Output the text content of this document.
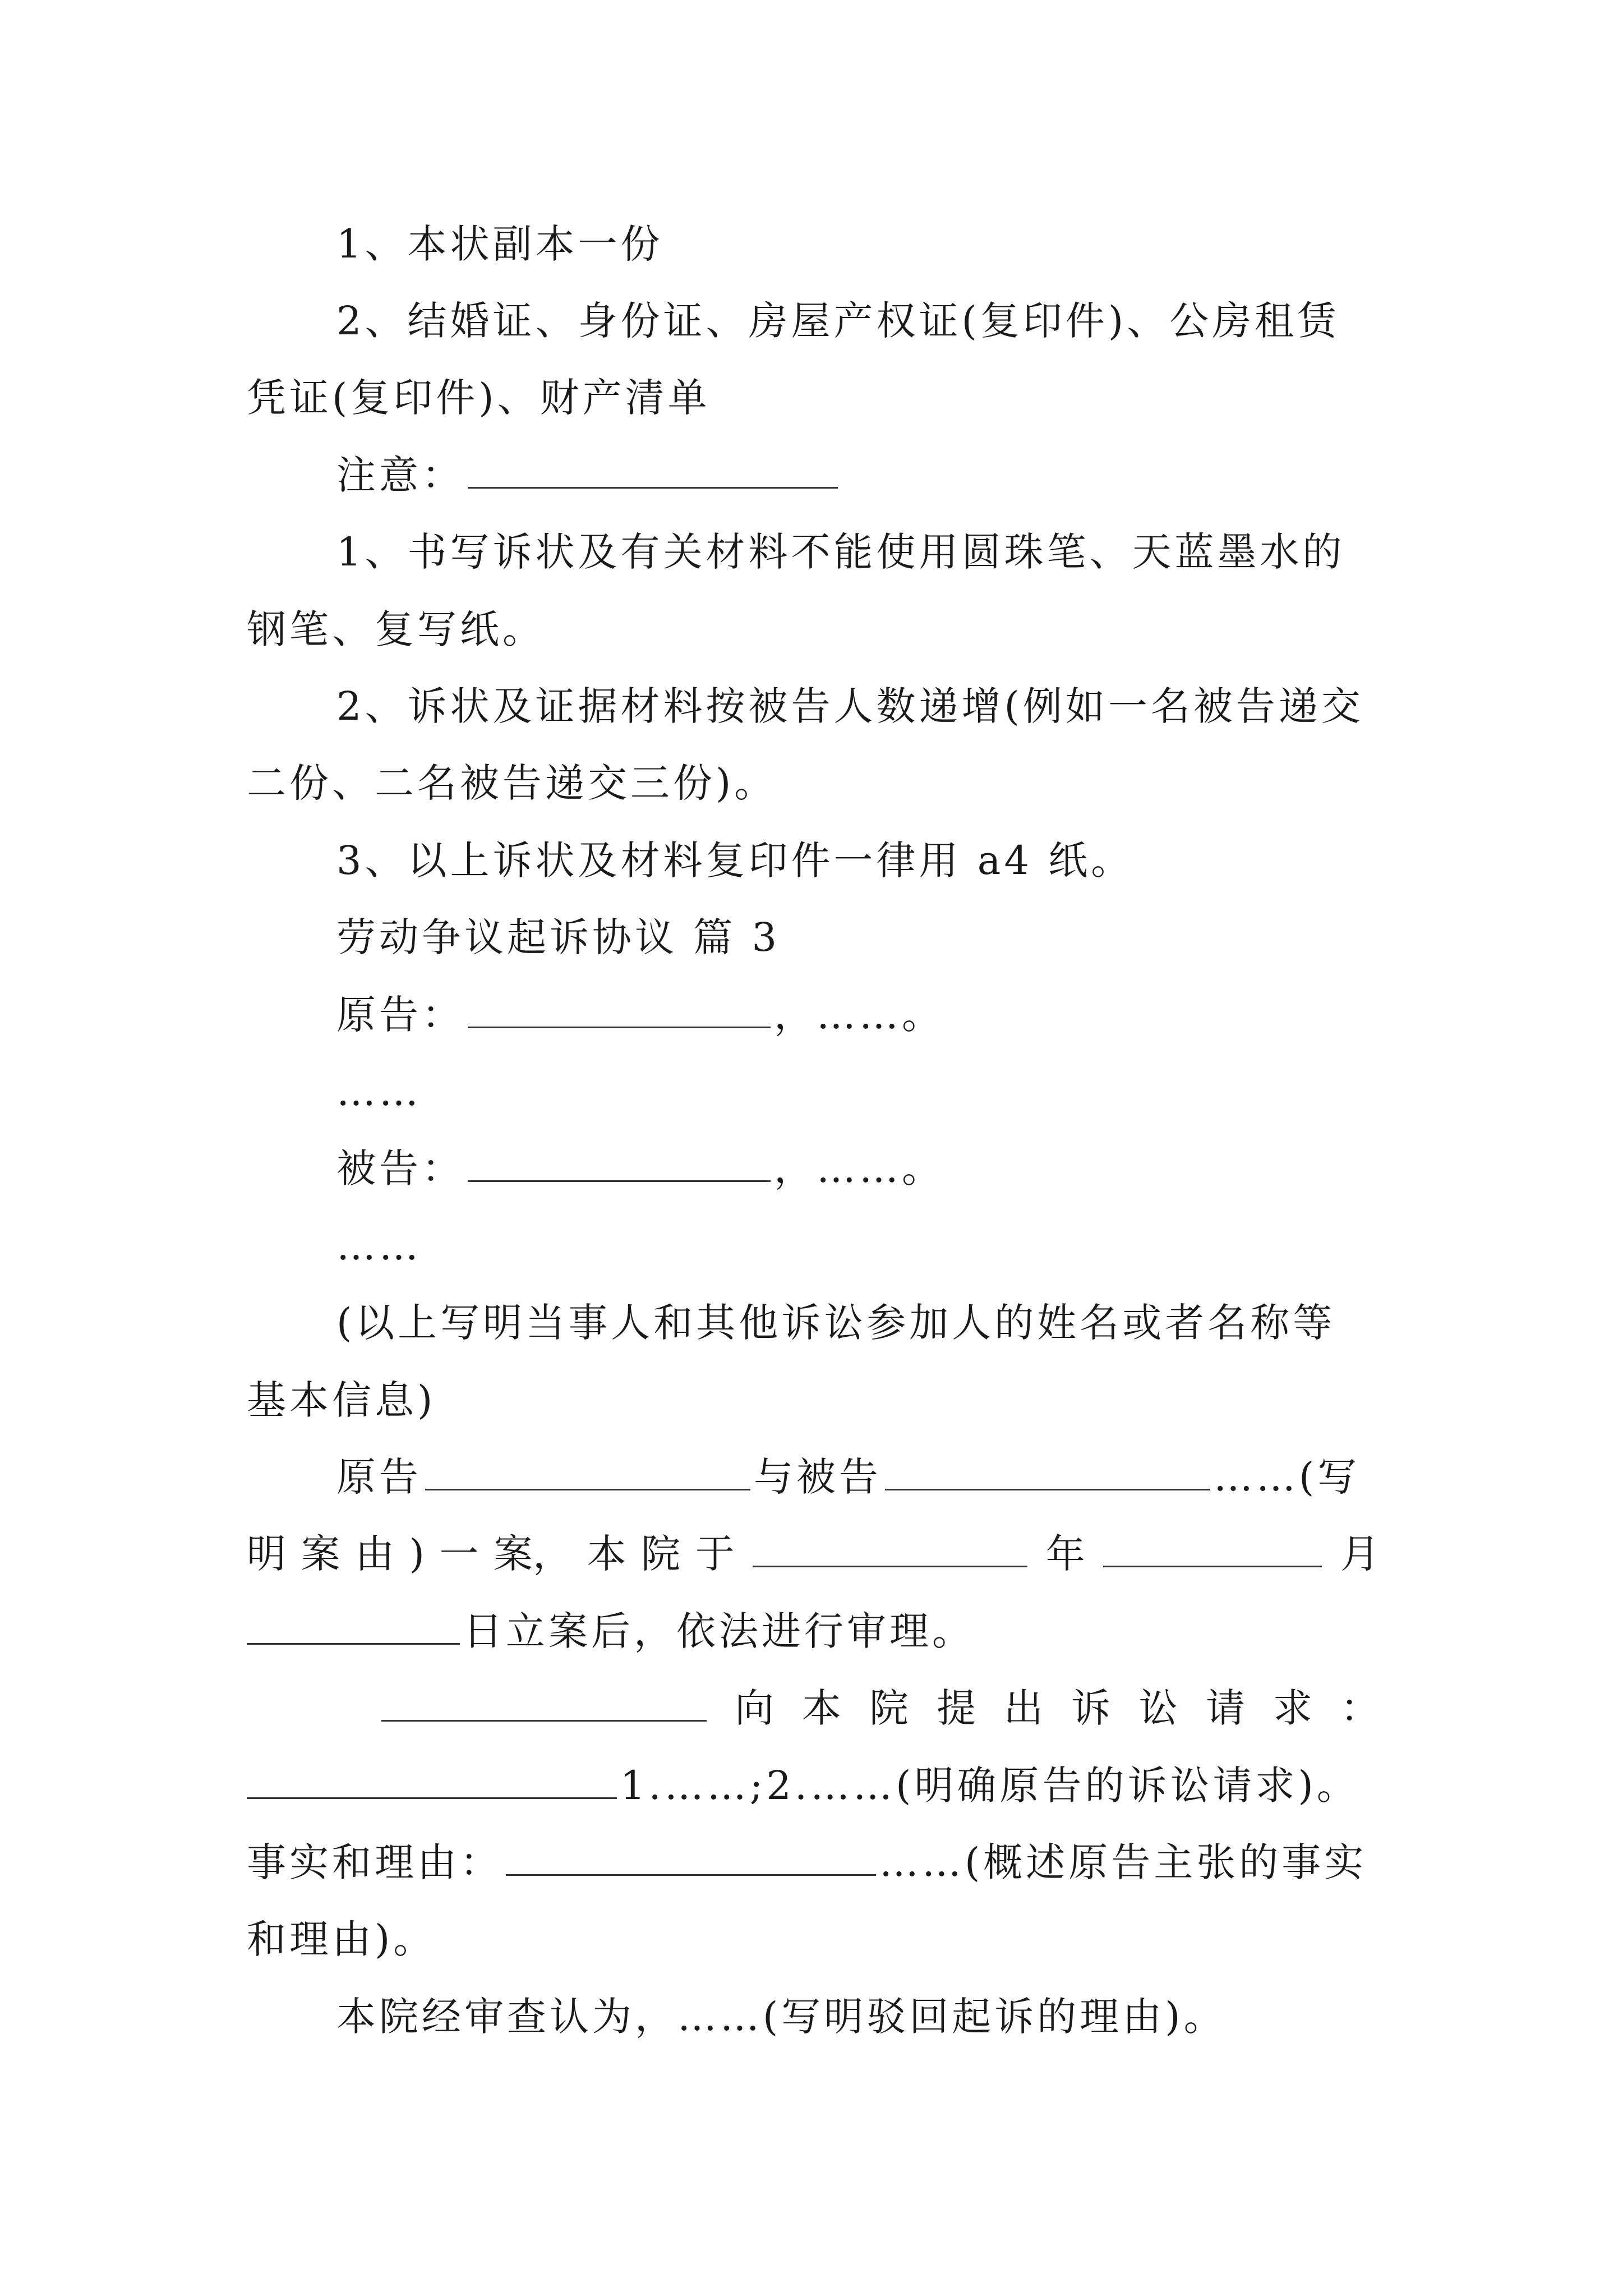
1、本状副本一份
2、结婚证、身份证、房屋产权证(复印件)、公房租赁
凭证(复印件)、财产清单
注意：
1、书写诉状及有关材料不能使用圆珠笔、天蓝墨水的
钢笔、复写纸。
2、诉状及证据材料按被告人数递增(例如一名被告递交
二份、二名被告递交三份)。
3、以上诉状及材料复印件一律用 a4 纸。
劳动争议起诉协议 篇 3
原告：	，……。
……
被告：	，……。
……
(以上写明当事人和其他诉讼参加人的姓名或者名称等
基本信息)
原告	与被告	……(写
明 案 由 ) 一 案， 本 院 于	年	月
日立案后，依法进行审理。
向 本 院 提 出 诉 讼 请 求 ：
1.……;2.……(明确原告的诉讼请求)。
事实和理由：	……(概述原告主张的事实
和理由)。
本院经审查认为，……(写明驳回起诉的理由)。
